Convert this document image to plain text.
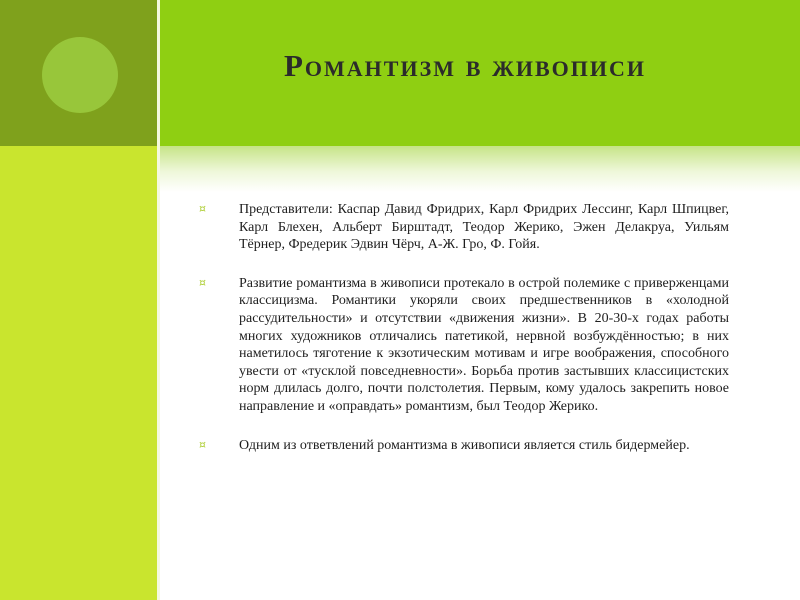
Романтизм в живописи
¤ Представители: Каспар Давид Фридрих, Карл Фридрих Лессинг, Карл Шпицвег, Карл Блехен, Альберт Бирштадт, Теодор Жерико, Эжен Делакруа, Уильям Тёрнер, Фредерик Эдвин Чёрч, А-Ж. Гро, Ф. Гойя.
¤ Развитие романтизма в живописи протекало в острой полемике с приверженцами классицизма. Романтики укоряли своих предшественников в «холодной рассудительности» и отсутствии «движения жизни». В 20-30-х годах работы многих художников отличались патетикой, нервной возбуждённостью; в них наметилось тяготение к экзотическим мотивам и игре воображения, способного увести от «тусклой повседневности». Борьба против застывших классицистских норм длилась долго, почти полстолетия. Первым, кому удалось закрепить новое направление и «оправдать» романтизм, был Теодор Жерико.
¤ Одним из ответвлений романтизма в живописи является стиль бидермейер.
